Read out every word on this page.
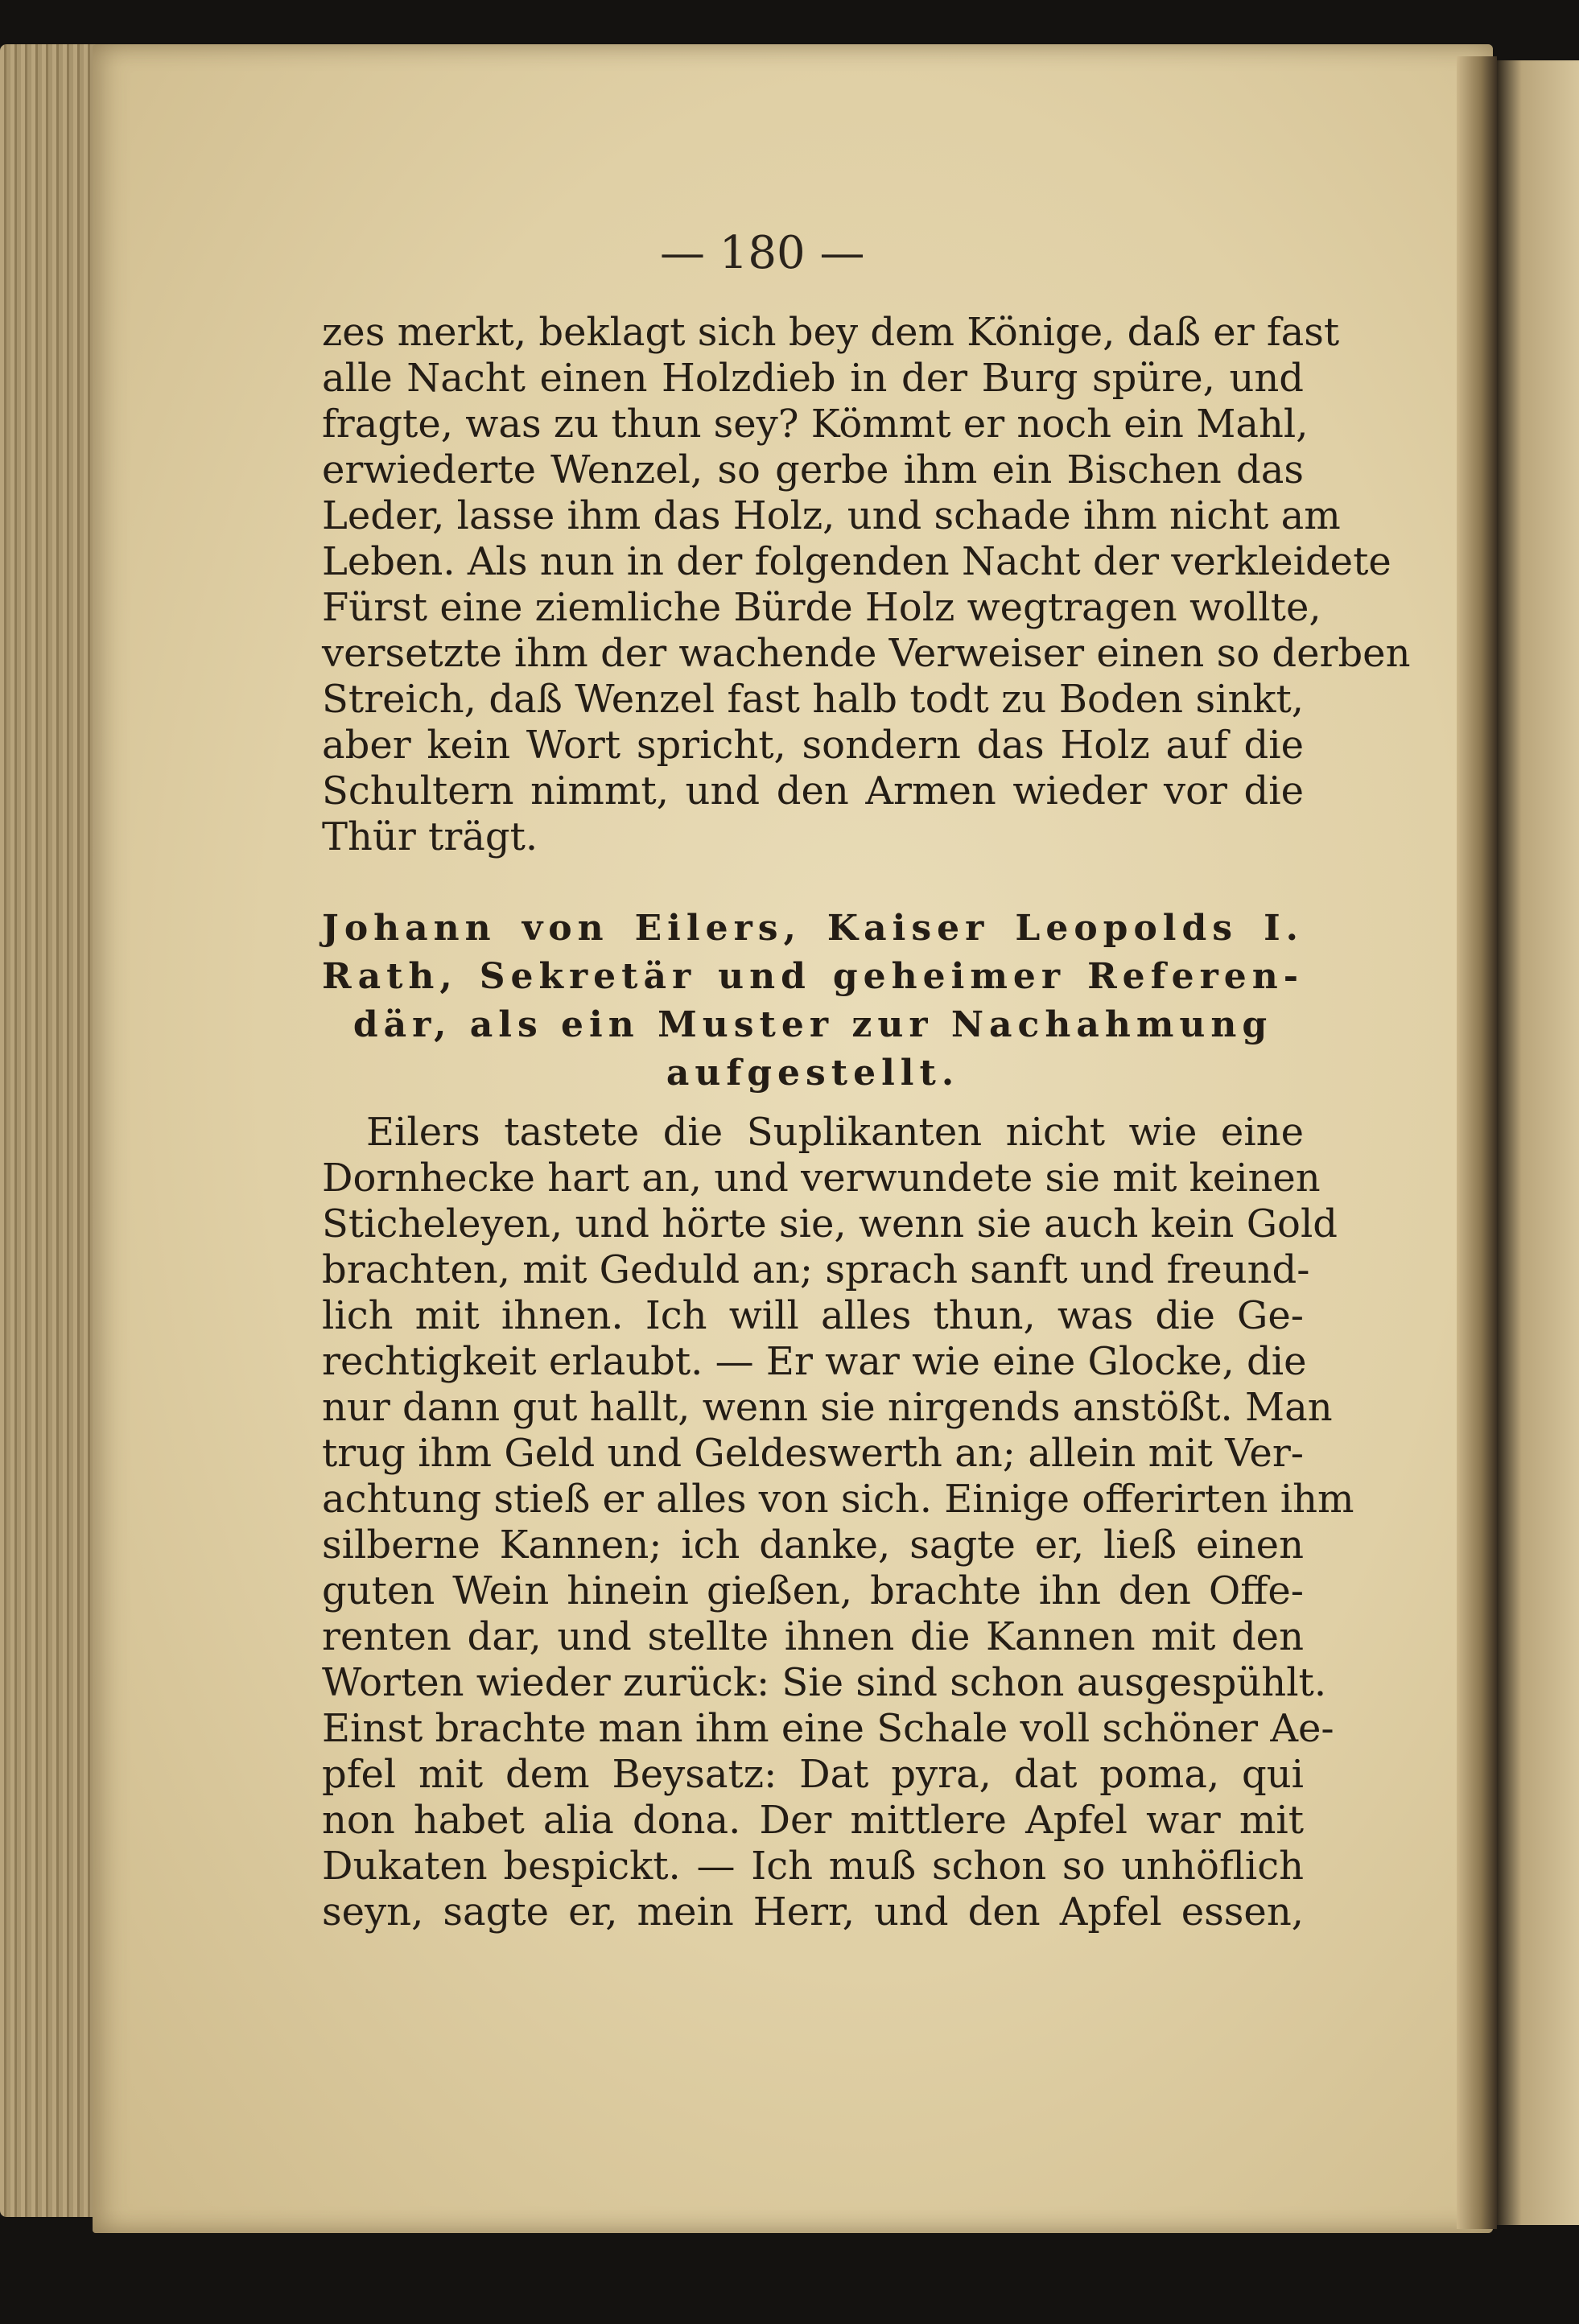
— 180 —
zes merkt, beklagt sich bey dem Könige, daß er fast
alle Nacht einen Holzdieb in der Burg spüre, und
fragte, was zu thun sey? Kömmt er noch ein Mahl,
erwiederte Wenzel, so gerbe ihm ein Bischen das
Leder, lasse ihm das Holz, und schade ihm nicht am
Leben. Als nun in der folgenden Nacht der verkleidete
Fürst eine ziemliche Bürde Holz wegtragen wollte,
versetzte ihm der wachende Verweiser einen so derben
Streich, daß Wenzel fast halb todt zu Boden sinkt,
aber kein Wort spricht, sondern das Holz auf die
Schultern nimmt, und den Armen wieder vor die
Thür trägt.
Johann von Eilers, Kaiser Leopolds I.
Rath, Sekretär und geheimer Referen-
där, als ein Muster zur Nachahmung
aufgestellt.
Eilers tastete die Suplikanten nicht wie eine
Dornhecke hart an, und verwundete sie mit keinen
Sticheleyen, und hörte sie, wenn sie auch kein Gold
brachten, mit Geduld an; sprach sanft und freund-
lich mit ihnen. Ich will alles thun, was die Ge-
rechtigkeit erlaubt. — Er war wie eine Glocke, die
nur dann gut hallt, wenn sie nirgends anstößt. Man
trug ihm Geld und Geldeswerth an; allein mit Ver-
achtung stieß er alles von sich. Einige offerirten ihm
silberne Kannen; ich danke, sagte er, ließ einen
guten Wein hinein gießen, brachte ihn den Offe-
renten dar, und stellte ihnen die Kannen mit den
Worten wieder zurück: Sie sind schon ausgespühlt.
Einst brachte man ihm eine Schale voll schöner Ae-
pfel mit dem Beysatz: Dat pyra, dat poma, qui
non habet alia dona. Der mittlere Apfel war mit
Dukaten bespickt. — Ich muß schon so unhöflich
seyn, sagte er, mein Herr, und den Apfel essen,
